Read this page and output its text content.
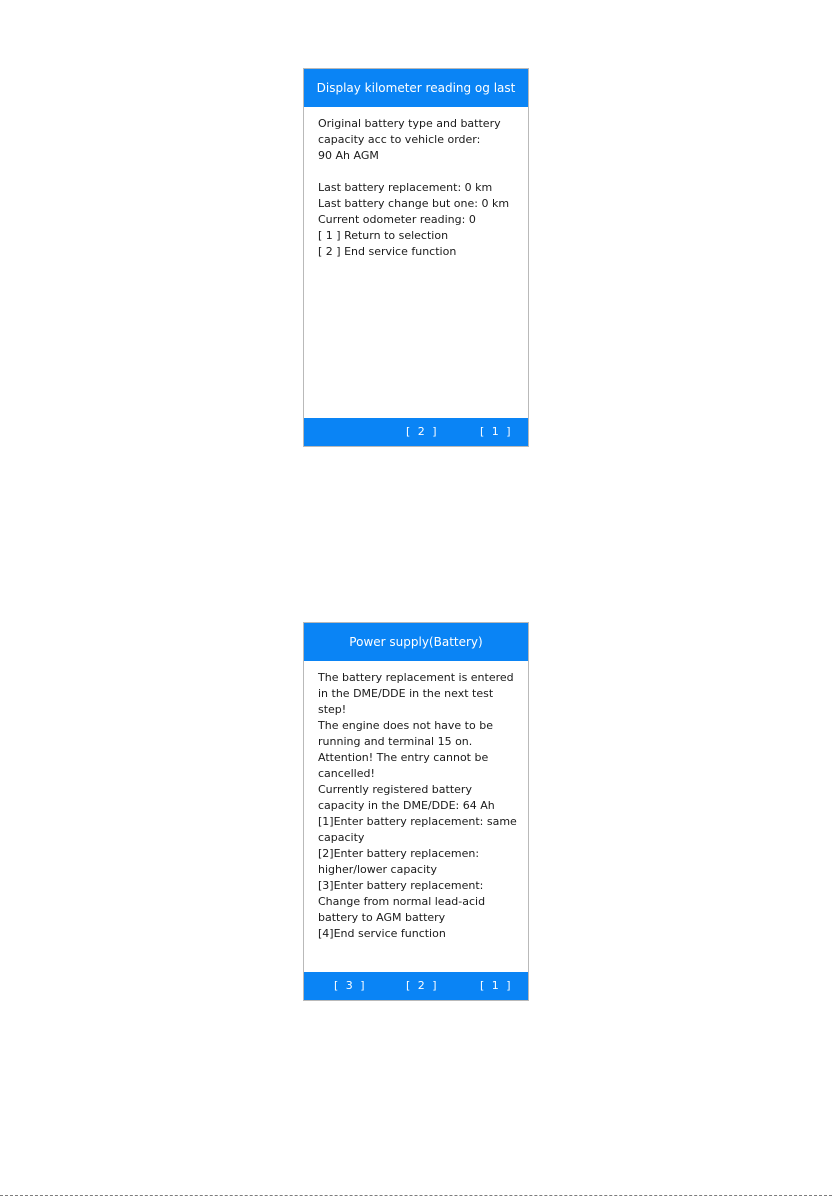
Display kilometer reading og last
Original battery type and battery
capacity acc to vehicle order:
90 Ah AGM

Last battery replacement: 0 km
Last battery change but one: 0 km
Current odometer reading: 0
[ 1 ] Return to selection
[ 2 ] End service function
[ 2 ]	[ 1 ]
Power supply(Battery)
The battery replacement is entered
in the DME/DDE in the next test
step!
The engine does not have to be
running and terminal 15 on.
Attention! The entry cannot be
cancelled!
Currently registered battery
capacity in the DME/DDE: 64 Ah
[1]Enter battery replacement: same
capacity
[2]Enter battery replacemen:
higher/lower capacity
[3]Enter battery replacement:
Change from normal lead-acid
battery to AGM battery
[4]End service function
[ 3 ]	[ 2 ]	[ 1 ]
